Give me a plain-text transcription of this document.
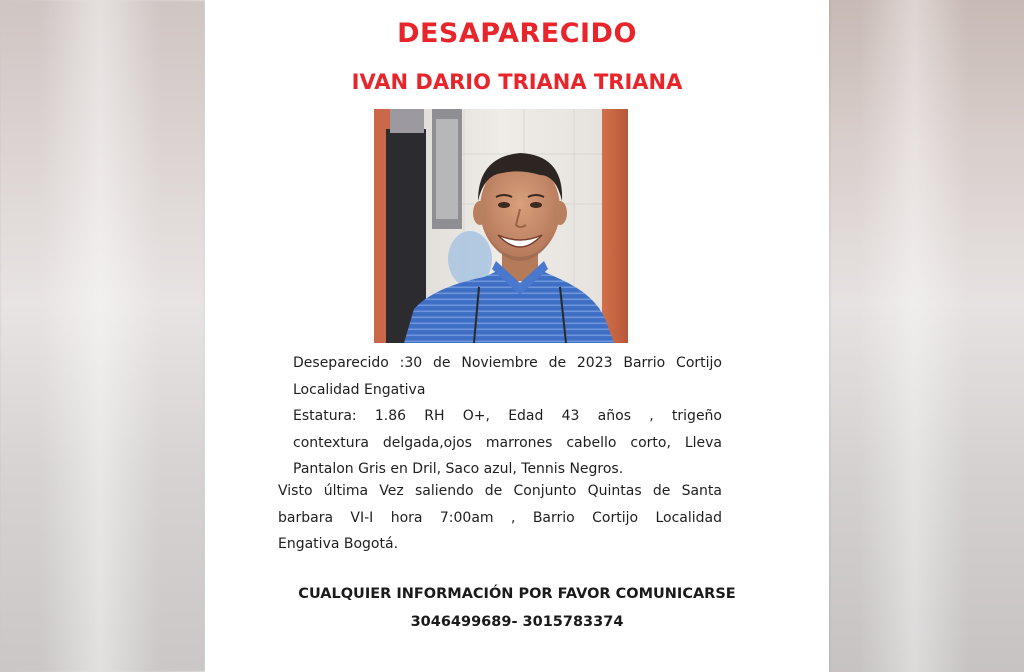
DESAPARECIDO
IVAN DARIO TRIANA TRIANA
Deseparecido :30 de Noviembre de 2023 Barrio Cortijo
Localidad Engativa
Estatura: 1.86 RH O+, Edad 43 años , trigeño
contextura delgada,ojos marrones cabello corto, Lleva
Pantalon Gris en Dril, Saco azul, Tennis Negros.
Visto última Vez saliendo de Conjunto Quintas de Santa
barbara VI-I hora 7:00am , Barrio Cortijo Localidad
Engativa Bogotá.
CUALQUIER INFORMACIÓN POR FAVOR COMUNICARSE
3046499689- 3015783374
